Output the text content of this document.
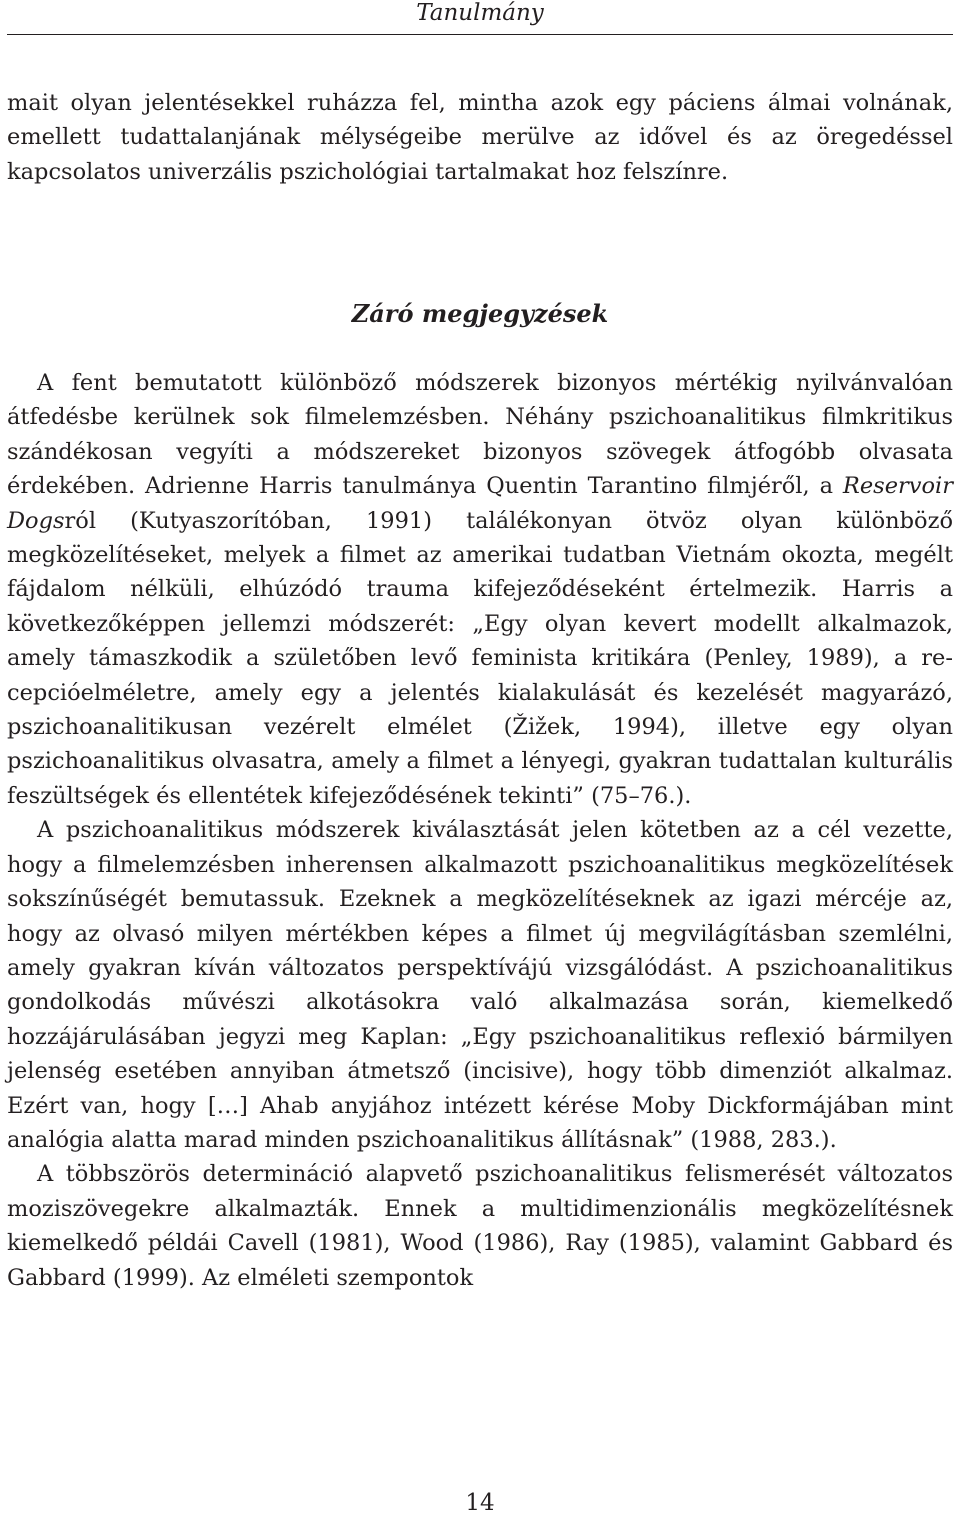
Tanulmány

mait olyan jelentésekkel ruházza fel, mintha azok egy páciens álmai volnának, emellett tudattalanjának mélységeibe merülve az idővel és az öregedéssel kapcsolatos univerzális pszichológiai tartalmakat hoz felszínre.

Záró megjegyzések

A fent bemutatott különböző módszerek bizonyos mértékig nyilvánvalóan átfedésbe kerülnek sok filmelemzésben. Néhány pszichoanalitikus filmkritikus szándékosan vegyíti a módszereket bizonyos szövegek átfogóbb olvasata érdekében. Adrienne Harris tanulmánya Quentin Tarantino filmjéről, a Reservoir Dogsról (Kutyaszorítóban, 1991) találékonyan ötvöz olyan különböző megközelítéseket, melyek a filmet az amerikai tudatban Vietnám okozta, megélt fájdalom nélküli, elhúzódó trauma kifejeződéseként értelmezik. Harris a következőképpen jellemzi módszerét: „Egy olyan kevert modellt alkalmazok, amely támaszkodik a születőben levő feminista kritikára (Penley, 1989), a recepcióelméletre, amely egy a jelentés kialakulását és kezelését magyarázó, pszichoanalitikusan vezérelt elmélet (Žižek, 1994), illetve egy olyan pszichoanalitikus olvasatra, amely a filmet a lényegi, gyakran tudattalan kulturális feszültségek és ellentétek kifejeződésének tekinti” (75–76.).

A pszichoanalitikus módszerek kiválasztását jelen kötetben az a cél vezette, hogy a filmelemzésben inherensen alkalmazott pszichoanalitikus megközelítések sokszínűségét bemutassuk. Ezeknek a megközelítéseknek az igazi mércéje az, hogy az olvasó milyen mértékben képes a filmet új megvilágításban szemlélni, amely gyakran kíván változatos perspektívájú vizsgálódást. A pszichoanalitikus gondolkodás művészi alkotásokra való alkalmazása során, kiemelkedő hozzájárulásában jegyzi meg Kaplan: „Egy pszichoanalitikus reflexió bármilyen jelenség esetében annyiban átmetsző (incisive), hogy több dimenziót alkalmaz. Ezért van, hogy […] Ahab anyjához intézett kérése Moby Dickformájában mint analógia alatta marad minden pszichoanalitikus állításnak” (1988, 283.).

A többszörös determináció alapvető pszichoanalitikus felismerését változatos moziszövegekre alkalmazták. Ennek a multidimenzionális megközelítésnek kiemelkedő példái Cavell (1981), Wood (1986), Ray (1985), valamint Gabbard és Gabbard (1999). Az elméleti szempontok

14
